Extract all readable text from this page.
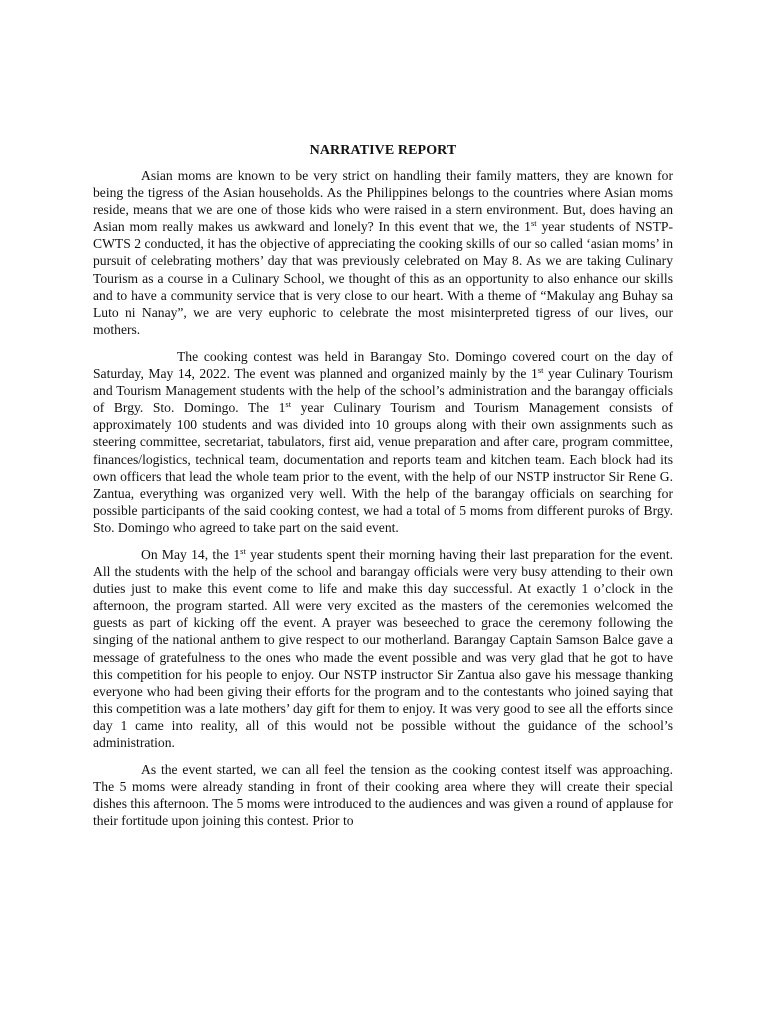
NARRATIVE REPORT

Asian moms are known to be very strict on handling their family matters, they are known for being the tigress of the Asian households. As the Philippines belongs to the countries where Asian moms reside, means that we are one of those kids who were raised in a stern environment. But, does having an Asian mom really makes us awkward and lonely? In this event that we, the 1st year students of NSTP- CWTS 2 conducted, it has the objective of appreciating the cooking skills of our so called ‘asian moms’ in pursuit of celebrating mothers’ day that was previously celebrated on May 8. As we are taking Culinary Tourism as a course in a Culinary School, we thought of this as an opportunity to also enhance our skills and to have a community service that is very close to our heart. With a theme of “Makulay ang Buhay sa Luto ni Nanay”, we are very euphoric to celebrate the most misinterpreted tigress of our lives, our mothers.

The cooking contest was held in Barangay Sto. Domingo covered court on the day of Saturday, May 14, 2022. The event was planned and organized mainly by the 1st year Culinary Tourism and Tourism Management students with the help of the school’s administration and the barangay officials of Brgy. Sto. Domingo. The 1st year Culinary Tourism and Tourism Management consists of approximately 100 students and was divided into 10 groups along with their own assignments such as steering committee, secretariat, tabulators, first aid, venue preparation and after care, program committee, finances/logistics, technical team, documentation and reports team and kitchen team. Each block had its own officers that lead the whole team prior to the event, with the help of our NSTP instructor Sir Rene G. Zantua, everything was organized very well. With the help of the barangay officials on searching for possible participants of the said cooking contest, we had a total of 5 moms from different puroks of Brgy. Sto. Domingo who agreed to take part on the said event.

On May 14, the 1st year students spent their morning having their last preparation for the event. All the students with the help of the school and barangay officials were very busy attending to their own duties just to make this event come to life and make this day successful. At exactly 1 o’clock in the afternoon, the program started. All were very excited as the masters of the ceremonies welcomed the guests as part of kicking off the event. A prayer was beseeched to grace the ceremony following the singing of the national anthem to give respect to our motherland. Barangay Captain Samson Balce gave a message of gratefulness to the ones who made the event possible and was very glad that he got to have this competition for his people to enjoy. Our NSTP instructor Sir Zantua also gave his message thanking everyone who had been giving their efforts for the program and to the contestants who joined saying that this competition was a late mothers’ day gift for them to enjoy. It was very good to see all the efforts since day 1 came into reality, all of this would not be possible without the guidance of the school’s administration.

As the event started, we can all feel the tension as the cooking contest itself was approaching. The 5 moms were already standing in front of their cooking area where they will create their special dishes this afternoon. The 5 moms were introduced to the audiences and was given a round of applause for their fortitude upon joining this contest. Prior to
